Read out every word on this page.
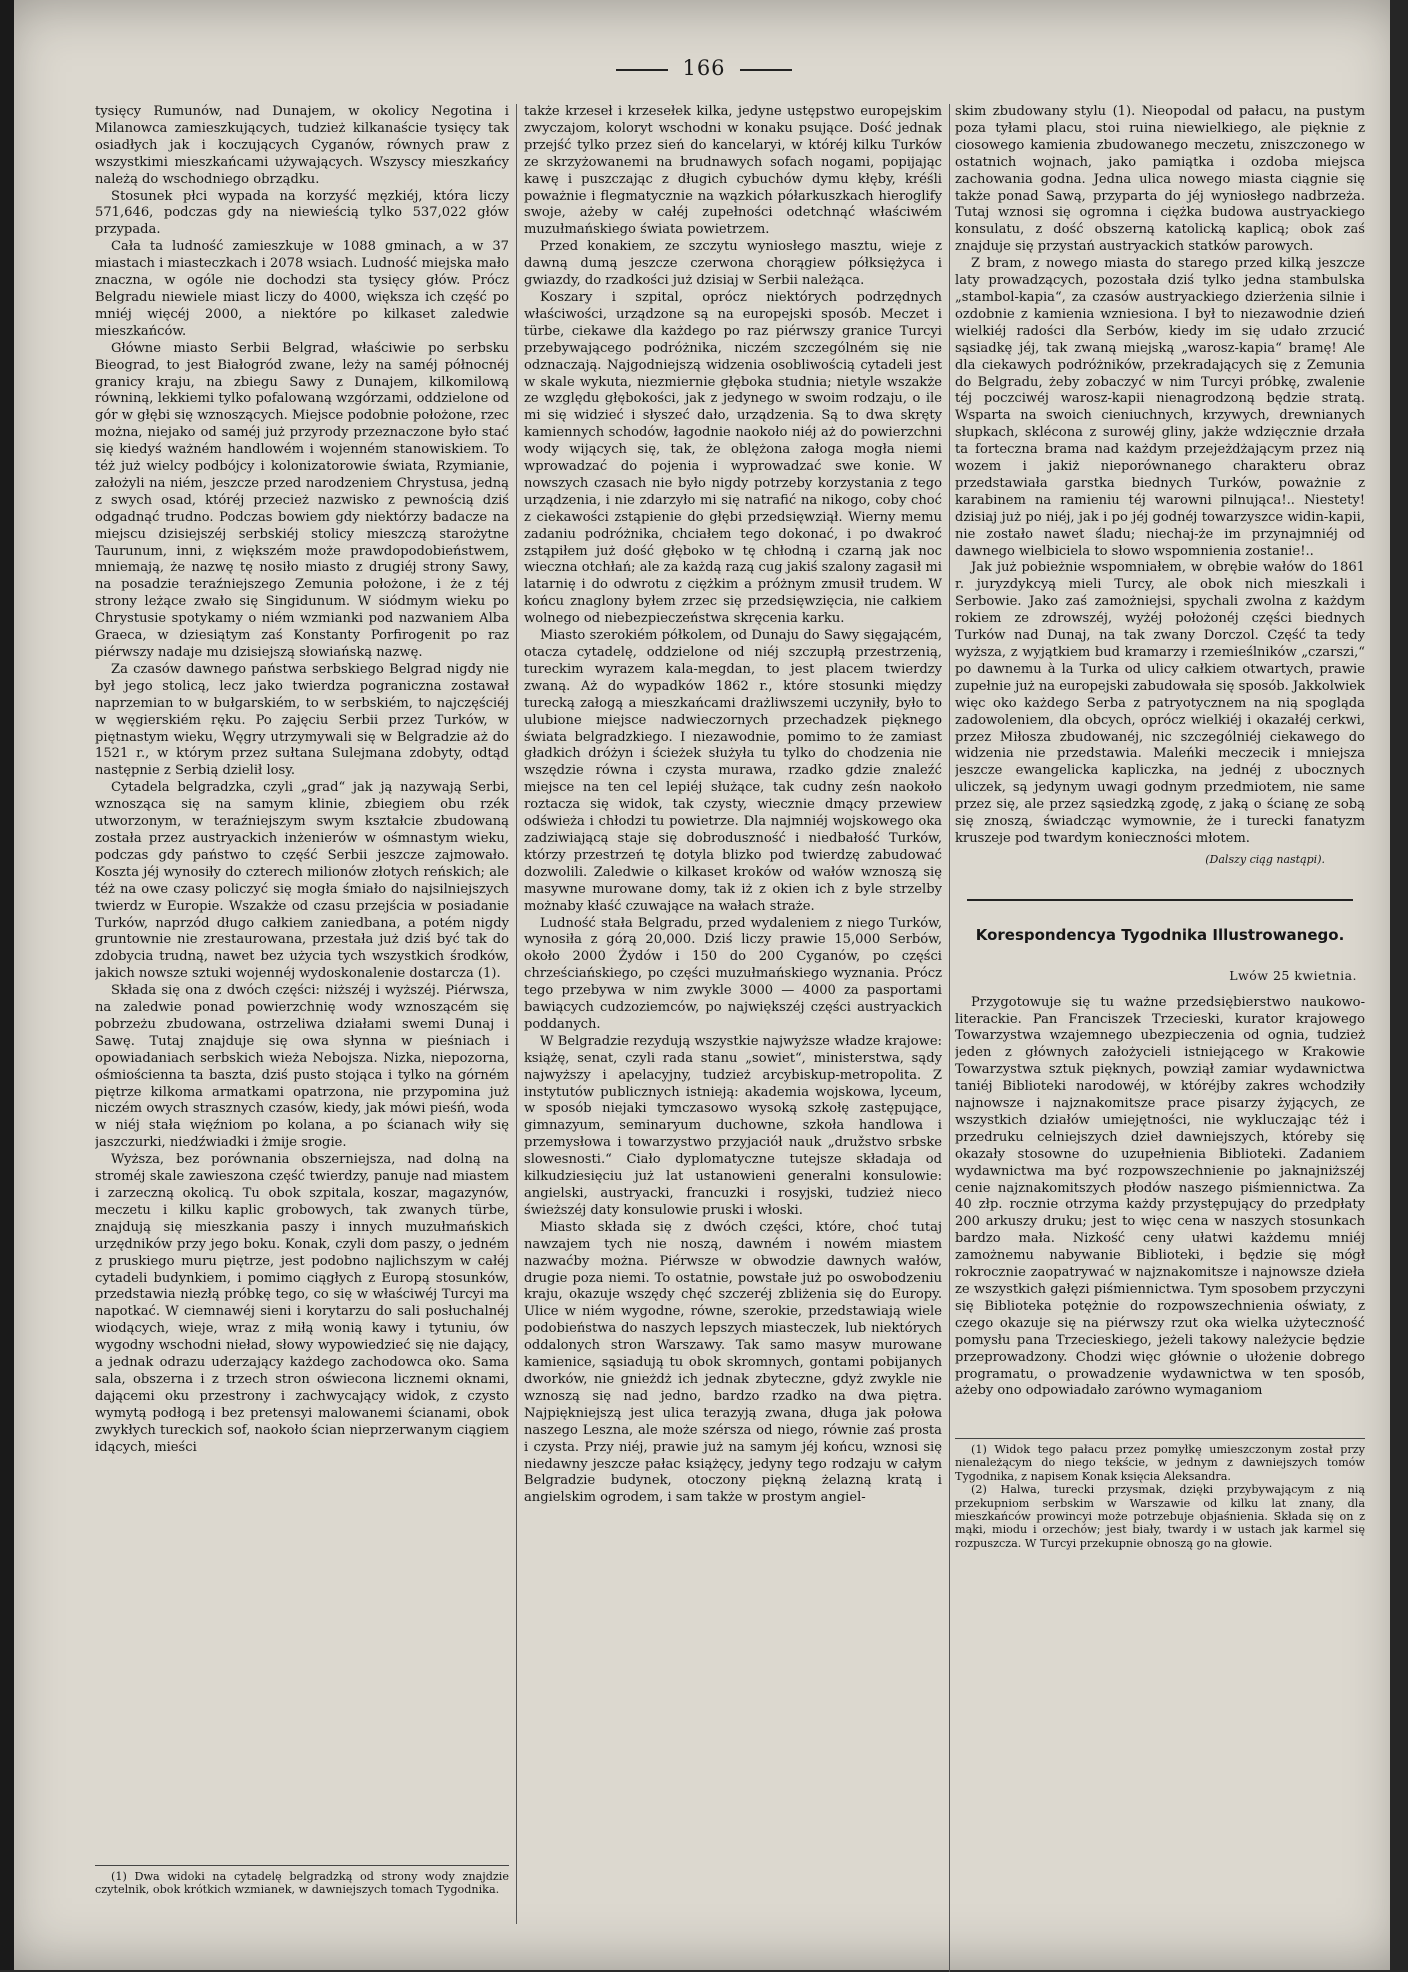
166

tysięcy Rumunów, nad Dunajem, w okolicy Negotina i Milanowca zamieszkujących, tudzież kilkanaście tysięcy tak osiadłych jak i koczujących Cyganów, równych praw z wszystkimi mieszkańcami używających. Wszyscy mieszkańcy należą do wschodniego obrządku.

Stosunek płci wypada na korzyść męzkiéj, która liczy 571,646, podczas gdy na niewieścią tylko 537,022 głów przypada.

Cała ta ludność zamieszkuje w 1088 gminach, a w 37 miastach i miasteczkach i 2078 wsiach. Ludność miejska mało znaczna, w ogóle nie dochodzi sta tysięcy głów. Prócz Belgradu niewiele miast liczy do 4000, większa ich część po mniéj więcéj 2000, a niektóre po kilkaset zaledwie mieszkańców.

Główne miasto Serbii Belgrad, właściwie po serbsku Biеograd, to jest Białogród zwane, leży na saméj północnéj granicy kraju, na zbiegu Sawy z Dunajem, kilkomilową równiną, lekkiemi tylko pofalowaną wzgórzami, oddzielone od gór w głębi się wznoszących. Miejsce podobnie położone, rzec można, niejako od saméj już przyrody przeznaczone było stać się kiedyś ważném handlowém i wojenném stanowiskiem. To téż już wielcy podbójcy i kolonizatorowie świata, Rzymianie, założyli na niém, jeszcze przed narodzeniem Chrystusa, jedną z swych osad, któréj przecież nazwisko z pewnością dziś odgadnąć trudno. Podczas bowiem gdy niektórzy badacze na miejscu dzisiejszéj serbskiéj stolicy mieszczą starożytne Taurunum, inni, z większém może prawdopodobieństwem, mniemają, że nazwę tę nosiło miasto z drugiéj strony Sawy, na posadzie teraźniejszego Zemunia położone, i że z téj strony leżące zwało się Singidunum. W siódmym wieku po Chrystusie spotykamy o niém wzmianki pod nazwaniem Alba Graeca, w dziesiątym zaś Konstanty Porfirogenit po raz piérwszy nadaje mu dzisiejszą słowiańską nazwę.

Za czasów dawnego państwa serbskiego Belgrad nigdy nie był jego stolicą, lecz jako twierdza pograniczna zostawał naprzemian to w bułgarskiém, to w serbskiém, to najczęściéj w węgierskiém ręku. Po zajęciu Serbii przez Turków, w piętnastym wieku, Węgry utrzymywali się w Belgradzie aż do 1521 r., w którym przez sułtana Sulejmana zdobyty, odtąd następnie z Serbią dzielił losy.

Cytadela belgradzka, czyli „grad“ jak ją nazywają Serbi, wznosząca się na samym klinie, zbiegiem obu rzék utworzonym, w teraźniejszym swym kształcie zbudowaną została przez austryackich inżenierów w ośmnastym wieku, podczas gdy państwo to część Serbii jeszcze zajmowało. Koszta jéj wynosiły do czterech milionów złotych reńskich; ale téż na owe czasy policzyć się mogła śmiało do najsilniejszych twierdz w Europie. Wszakże od czasu przejścia w posiadanie Turków, naprzód długo całkiem zaniedbana, a potém nigdy gruntownie nie zrestaurowana, przestała już dziś być tak do zdobycia trudną, nawet bez użycia tych wszystkich środków, jakich nowsze sztuki wojennéj wydoskonalenie dostarcza (1).

Składa się ona z dwóch części: niższéj i wyższéj. Piérwsza, na zaledwie ponad powierzchnię wody wznoszącém się pobrzeżu zbudowana, ostrzeliwa działami swemi Dunaj i Sawę. Tutaj znajduje się owa słynna w pieśniach i opowiadaniach serbskich wieża Nebojsza. Nizka, niepozorna, ośmiościenna ta baszta, dziś pusto stojąca i tylko na górném piętrze kilkoma armatkami opatrzona, nie przypomina już niczém owych strasznych czasów, kiedy, jak mówi pieśń, woda w niéj stała więźniom po kolana, a po ścianach wiły się jaszczurki, niedźwiadki i żmije srogie.

Wyższa, bez porównania obszerniejsza, nad dolną na stroméj skale zawieszona część twierdzy, panuje nad miastem i zarzeczną okolicą. Tu obok szpitala, koszar, magazynów, meczetu i kilku kaplic grobowych, tak zwanych türbe, znajdują się mieszkania paszy i innych muzułmańskich urzędników przy jego boku. Konak, czyli dom paszy, o jedném z pruskiego muru piętrze, jest podobno najlichszym w całéj cytadeli budynkiem, i pomimo ciągłych z Europą stosunków, przedstawia niezłą próbkę tego, co się w właściwéj Turcyi ma napotkać. W ciemnawéj sieni i korytarzu do sali posłuchalnéj wiodących, wieje, wraz z miłą wonią kawy i tytuniu, ów wygodny wschodni nieład, słowy wypowiedzieć się nie dający, a jednak odrazu uderzający każdego zachodowca oko. Sama sala, obszerna i z trzech stron oświecona licznemi oknami, dającemi oku przestrony i zachwycający widok, z czysto wymytą podłogą i bez pretensyi malowanemi ścianami, obok zwykłych tureckich sof, naokoło ścian nieprzerwanym ciągiem idących, mieści

(1) Dwa widoki na cytadelę belgradzką od strony wody znajdzie czytelnik, obok krótkich wzmianek, w dawniejszych tomach Tygodnika.

także krzeseł i krzesełek kilka, jedyne ustępstwo europejskim zwyczajom, koloryt wschodni w konaku psujące. Dość jednak przejść tylko przez sień do kancelaryi, w któréj kilku Turków ze skrzyżowanemi na brudnawych sofach nogami, popijając kawę i puszczając z długich cybuchów dymu kłęby, kréśli poważnie i flegmatycznie na wązkich półarkuszkach hieroglify swoje, ażeby w całéj zupełności odetchnąć właściwém muzułmańskiego świata powietrzem.

Przed konakiem, ze szczytu wyniosłego masztu, wieje z dawną dumą jeszcze czerwona chorągiew półksiężyca i gwiazdy, do rzadkości już dzisiaj w Serbii należąca.

Koszary i szpital, oprócz niektórych podrzędnych właściwości, urządzone są na europejski sposób. Meczet i türbe, ciekawe dla każdego po raz piérwszy granice Turcyi przebywającego podróżnika, niczém szczególném się nie odznaczają. Najgodniejszą widzenia osobliwością cytadeli jest w skale wykuta, niezmiernie głęboka studnia; nietyle wszakże ze względu głębokości, jak z jedynego w swoim rodzaju, o ile mi się widzieć i słyszeć dało, urządzenia. Są to dwa skręty kamiennych schodów, łagodnie naokoło niéj aż do powierzchni wody wijących się, tak, że oblężona załoga mogła niemi wprowadzać do pojenia i wyprowadzać swe konie. W nowszych czasach nie było nigdy potrzeby korzystania z tego urządzenia, i nie zdarzyło mi się natrafić na nikogo, coby choć z ciekawości zstąpienie do głębi przedsięwziął. Wierny memu zadaniu podróżnika, chciałem tego dokonać, i po dwakroć zstąpiłem już dość głęboko w tę chłodną i czarną jak noc wieczna otchłań; ale za każdą razą cug jakiś szalony zagasił mi latarnię i do odwrotu z ciężkim a próżnym zmusił trudem. W końcu znaglony byłem zrzec się przedsięwzięcia, nie całkiem wolnego od niebezpieczeństwa skręcenia karku.

Miasto szerokiém półkolem, od Dunaju do Sawy sięgającém, otacza cytadelę, oddzielone od niéj szczupłą przestrzenią, tureckim wyrazem kala-megdan, to jest placem twierdzy zwaną. Aż do wypadków 1862 r., które stosunki między turecką załogą a mieszkańcami drażliwszemi uczyniły, było to ulubione miejsce nadwieczornych przechadzek pięknego świata belgradzkiego. I niezawodnie, pomimo to że zamiast gładkich dróżyn i ścieżek służyła tu tylko do chodzenia nie wszędzie równa i czysta murawa, rzadko gdzie znaleźć miejsce na ten cel lepiéj służące, tak cudny ześn naokoło roztacza się widok, tak czysty, wiecznie dmący przewiew odświeża i chłodzi tu powietrze. Dla najmniéj wojskowego oka zadziwiającą staje się dobroduszność i niedbałość Turków, którzy przestrzeń tę dotyla blizko pod twierdzę zabudować dozwolili. Zaledwie o kilkaset kroków od wałów wznoszą się masywne murowane domy, tak iż z okien ich z byle strzelby możnaby kłaść czuwające na wałach straże.

Ludność stała Belgradu, przed wydaleniem z niego Turków, wynosiła z górą 20,000. Dziś liczy prawie 15,000 Serbów, około 2000 Żydów i 150 do 200 Cyganów, po części chrześciańskiego, po części muzułmańskiego wyznania. Prócz tego przebywa w nim zwykle 3000 — 4000 za pasportami bawiących cudzoziemców, po największéj części austryackich poddanych.

W Belgradzie rezydują wszystkie najwyższe władze krajowe: książę, senat, czyli rada stanu „sowiet“, ministerstwa, sądy najwyższy i apelacyjny, tudzież arcybiskup-metropolita. Z instytutów publicznych istnieją: akademia wojskowa, lyceum, w sposób niejaki tymczasowo wysoką szkołę zastępujące, gimnazyum, seminaryum duchowne, szkoła handlowa i przemysłowa i towarzystwo przyjaciół nauk „družstvo srbske slowesnosti.“ Ciało dyplomatyczne tutejsze składaja od kilkudziesięciu już lat ustanowieni generalni konsulowie: angielski, austryacki, francuzki i rosyjski, tudzież nieco świeższéj daty konsulowie pruski i włoski.

Miasto składa się z dwóch części, które, choć tutaj nawzajem tych nie noszą, dawném i nowém miastem nazwaćby można. Piérwsze w obwodzie dawnych wałów, drugie poza niemi. To ostatnie, powstałe już po oswobodzeniu kraju, okazuje wszędy chęć szczeréj zbliżenia się do Europy. Ulice w niém wygodne, równe, szerokie, przedstawiają wiele podobieństwa do naszych lepszych miasteczek, lub niektórych oddalonych stron Warszawy. Tak samo masyw murowane kamienice, sąsiadują tu obok skromnych, gontami pobijanych dworków, nie gnieżdż ich jednak zbyteczne, gdyż zwykle nie wznoszą się nad jedno, bardzo rzadko na dwa piętra. Najpiękniejszą jest ulica terazyją zwana, długa jak połowa naszego Leszna, ale może szérsza od niego, równie zaś prosta i czysta. Przy niéj, prawie już na samym jéj końcu, wznosi się niedawny jeszcze pałac książęcy, jedyny tego rodzaju w całym Belgradzie budynek, otoczony piękną żelazną kratą i angielskim ogrodem, i sam także w prostym angiel-

skim zbudowany stylu (1). Nieopodal od pałacu, na pustym poza tyłami placu, stoi ruina niewielkiego, ale pięknie z ciosowego kamienia zbudowanego meczetu, zniszczonego w ostatnich wojnach, jako pamiątka i ozdoba miejsca zachowania godna. Jedna ulica nowego miasta ciągnie się także ponad Sawą, przyparta do jéj wyniosłego nadbrzeża. Tutaj wznosi się ogromna i ciężka budowa austryackiego konsulatu, z dość obszerną katolicką kaplicą; obok zaś znajduje się przystań austryackich statków parowych.

Z bram, z nowego miasta do starego przed kilką jeszcze laty prowadzących, pozostała dziś tylko jedna stambulska „stambol-kapia“, za czasów austryackiego dzierżenia silnie i ozdobnie z kamienia wzniesiona. I był to niezawodnie dzień wielkiéj radości dla Serbów, kiedy im się udało zrzucić sąsiadkę jéj, tak zwaną miejską „warosz-kapia“ bramę! Ale dla ciekawych podróżników, przekradających się z Zemunia do Belgradu, żeby zobaczyć w nim Turcyi próbkę, zwalenie téj poczciwéj warosz-kapii nienagrodzoną będzie stratą. Wsparta na swoich cieniuchnych, krzywych, drewnianych słupkach, sklécona z surowéj gliny, jakże wdzięcznie drzała ta forteczna brama nad każdym przejeżdżającym przez nią wozem i jakiż nieporównanego charakteru obraz przedstawiała garstka biednych Turków, poważnie z karabinem na ramieniu téj warowni pilnująca!.. Niestety! dzisiaj już po niéj, jak i po jéj godnéj towarzyszce widin-kapii, nie zostało nawet śladu; niechaj-że im przynajmniéj od dawnego wielbiciela to słowo wspomnienia zostanie!..

Jak już pobieżnie wspomniałem, w obrębie wałów do 1861 r. juryzdykcyą mieli Turcy, ale obok nich mieszkali i Serbowie. Jako zaś zamożniejsi, spychali zwolna z każdym rokiem ze zdrowszéj, wyżéj położonéj części biednych Turków nad Dunaj, na tak zwany Dorczol. Część ta tedy wyższa, z wyjątkiem bud kramarzy i rzemieślników „czarszi,“ po dawnemu à la Turka od ulicy całkiem otwartych, prawie zupełnie już na europejski zabudowała się sposób. Jakkolwiek więc oko każdego Serba z patryotycznem na nią spogląda zadowoleniem, dla obcych, oprócz wielkiéj i okazałéj cerkwi, przez Miłosza zbudowanéj, nic szczególniéj ciekawego do widzenia nie przedstawia. Maleńki meczecik i mniejsza jeszcze ewangelicka kapliczka, na jednéj z ubocznych uliczek, są jedynym uwagi godnym przedmiotem, nie same przez się, ale przez sąsiedzką zgodę, z jaką o ścianę ze sobą się znoszą, świadcząc wymownie, że i turecki fanatyzm kruszeje pod twardym konieczności młotem.

(Dalszy ciąg nastąpi).
Korespondencya Tygodnika Illustrowanego.
Lwów 25 kwietnia.

Przygotowuje się tu ważne przedsiębierstwo naukowo-literackie. Pan Franciszek Trzecieski, kurator krajowego Towarzystwa wzajemnego ubezpieczenia od ognia, tudzież jeden z głównych założycieli istniejącego w Krakowie Towarzystwa sztuk pięknych, powziął zamiar wydawnictwa taniéj Biblioteki narodowéj, w któréjby zakres wchodziły najnowsze i najznakomitsze prace pisarzy żyjących, ze wszystkich działów umiejętności, nie wykluczając téż i przedruku celniejszych dzieł dawniejszych, któreby się okazały stosowne do uzupełnienia Biblioteki. Zadaniem wydawnictwa ma być rozpowszechnienie po jaknajniższéj cenie najznakomitszych płodów naszego piśmiennictwa. Za 40 złp. rocznie otrzyma każdy przystępujący do przedpłaty 200 arkuszy druku; jest to więc cena w naszych stosunkach bardzo mała. Nizkość ceny ułatwi każdemu mniéj zamożnemu nabywanie Biblioteki, i będzie się mógł rokrocznie zaopatrywać w najznakomitsze i najnowsze dzieła ze wszystkich gałęzi piśmiennictwa. Tym sposobem przyczyni się Biblioteka potężnie do rozpowszechnienia oświaty, z czego okazuje się na piérwszy rzut oka wielka użyteczność pomysłu pana Trzecieskiego, jeżeli takowy należycie będzie przeprowadzony. Chodzi więc głównie o ułożenie dobrego programatu, o prowadzenie wydawnictwa w ten sposób, ażeby ono odpowiadało zarówno wymaganiom

(1) Widok tego pałacu przez pomyłkę umieszczonym został przy nienależącym do niego tekście, w jednym z dawniejszych tomów Tygodnika, z napisem Konak księcia Aleksandra.

(2) Halwa, turecki przysmak, dzięki przybywającym z nią przekupniom serbskim w Warszawie od kilku lat znany, dla mieszkańców prowincyi może potrzebuje objaśnienia. Składa się on z mąki, miodu i orzechów; jest biały, twardy i w ustach jak karmel się rozpuszcza. W Turcyi przekupnie obnoszą go na głowie.
